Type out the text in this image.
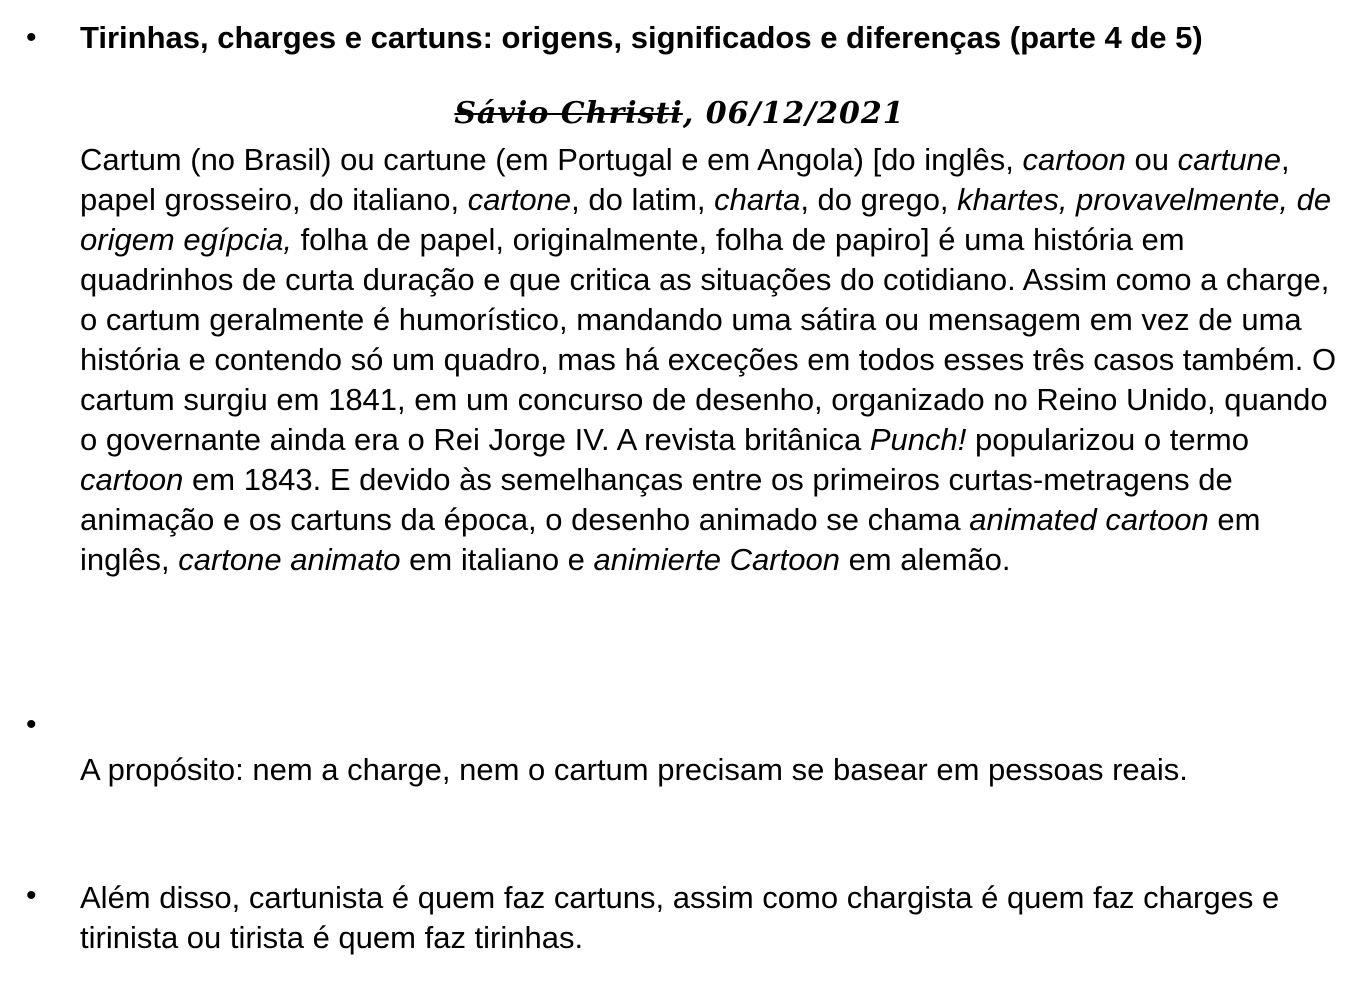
• Tirinhas, charges e cartuns: origens, significados e diferenças (parte 4 de 5)
Sávio Christi, 06/12/2021
Cartum (no Brasil) ou cartune (em Portugal e em Angola) [do inglês, cartoon ou cartune, papel grosseiro, do italiano, cartone, do latim, charta, do grego, khartes, provavelmente, de origem egípcia, folha de papel, originalmente, folha de papiro] é uma história em quadrinhos de curta duração e que critica as situações do cotidiano. Assim como a charge, o cartum geralmente é humorístico, mandando uma sátira ou mensagem em vez de uma história e contendo só um quadro, mas há exceções em todos esses três casos também. O cartum surgiu em 1841, em um concurso de desenho, organizado no Reino Unido, quando o governante ainda era o Rei Jorge IV. A revista britânica Punch! popularizou o termo cartoon em 1843. E devido às semelhanças entre os primeiros curtas-metragens de animação e os cartuns da época, o desenho animado se chama animated cartoon em inglês, cartone animato em italiano e animierte Cartoon em alemão.
•
A propósito: nem a charge, nem o cartum precisam se basear em pessoas reais.
• Além disso, cartunista é quem faz cartuns, assim como chargista é quem faz charges e tirinista ou tirista é quem faz tirinhas.
